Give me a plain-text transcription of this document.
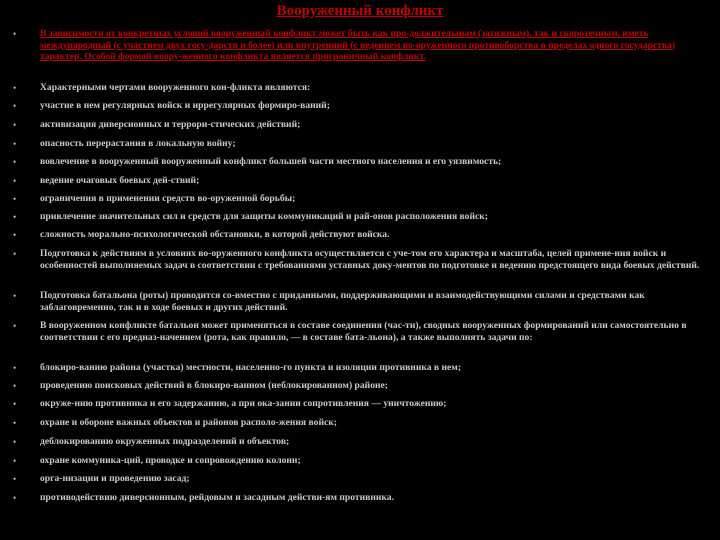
Вооруженный конфликт
• В зависимости от конкретных условий вооруженный конфликт может быть как про-должительным (затяжным), так и скоротечным, иметь международный (с участием двух госу-дарств и более) или внутренний (с ведением во-оруженного противоборства в пределах одного государства) характер. Особой формой воору-женного конфликта является приграничный конфликт.
• Характерными чертами вооруженного кон-фликта являются:
• участие в нем регулярных войск и иррегулярных формиро-ваний;
• активизация диверсионных и террори-стических действий;
• опасность перерастания в локальную войну;
• вовлечение в вооруженный вооруженный конфликт большей части местного населения и его уязвимость;
• ведение очаговых боевых дей-ствий;
• ограничения в применении средств во-оруженной борьбы;
• привлечение значительных сил и средств для защиты коммуникаций и рай-онов расположения войск;
• сложность морально-психологической обстановки, в которой действуют войска.
• Подготовка к действиям в условиях во-оруженного конфликта осуществляется с уче-том его характера и масштаба, целей примене-ния войск и особенностей выполняемых задач в соответствии с требованиями уставных доку-ментов по подготовке и ведению предстоящего вида боевых действий.
• Подготовка батальона (роты) проводится со-вместно с приданными, поддерживающими и взаимодействующими силами и средствами как заблаговременно, так и в ходе боевых и других действий.
• В вооруженном конфликте батальон может применяться в составе соединения (час-ти), сводных вооруженных формирований или самостоятельно в соответствии с его предназ-начением (рота, как правило, — в составе бата-льона), а также выполнять задачи по:
• блокиро-ванию района (участка) местности, населенно-го пункта и изоляции противника в нем;
• проведению поисковых действий в блокиро-ванном (неблокированном) районе;
• окруже-нию противника и его задержанию, а при ока-зании сопротивления — уничтожению;
• охране и обороне важных объектов и районов располо-жения войск;
• деблокированию окруженных подразделений и объектов;
• охране коммуника-ций, проводке и сопровождению колонн;
• орга-низации и проведению засад;
• противодействию диверсионным, рейдовым и засадным действи-ям противника.
